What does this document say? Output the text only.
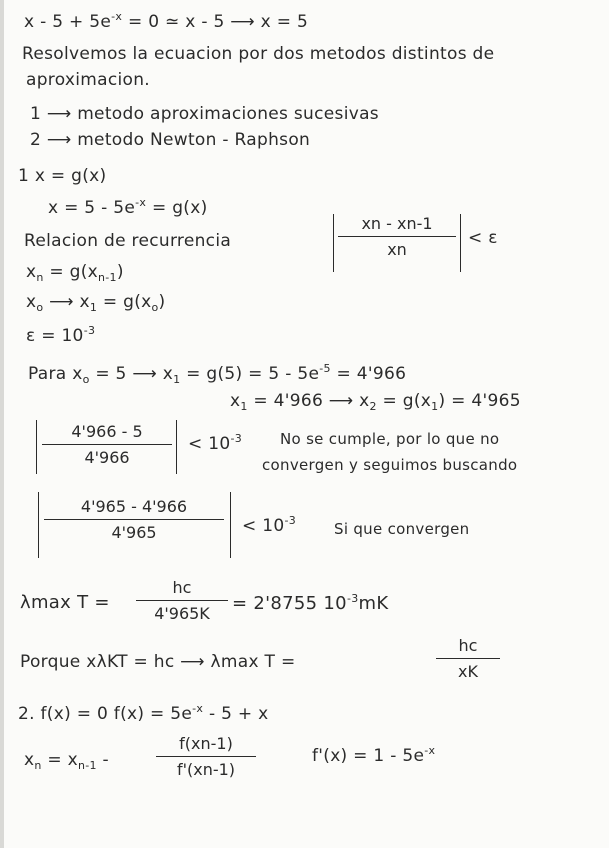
$x - 5 + 5e^{-x} = 0$ ≃ x - 5 ⟶ x = 5
Resolvemos la ecuacion por dos metodos distintos de
aproximacion.
1 ⟶ metodo aproximaciones sucesivas
2 ⟶ metodo Newton - Raphson
1 x = g(x)
$x = 5 - 5e^{-x} = g(x)$
Relacion de recurrencia
xn - xn-1
xn
< ε
$x_n = g(x_{n-1})$
$x_o$ ⟶ $x_1 = g(x_o)$
$\varepsilon = 10^{-3}$
Para $x_o = 5$ ⟶ $x_1 = g(5) = 5 - 5e^{-5} = 4'966$
$x_1 = 4'966$ ⟶ $x_2 = g(x_1) = 4'965$
4'966 - 5
4'966
< $10^{-3}$	No se cumple, por lo que no
convergen y seguimos buscando
4'965 - 4'966
4'965	< $10^{-3}$	Si que convergen
λmax T =
hc
4'965K	= 2'8755 $10^{-3}mK$
Porque xλKT = hc ⟶ λmax T =
hc
xK
2. f(x) = 0 $f(x) = 5e^{-x} - 5 + x$
$x_n = x_{n-1}$ -
f(xn-1)
f'(xn-1)
$f'(x) = 1 - 5e^{-x}$
